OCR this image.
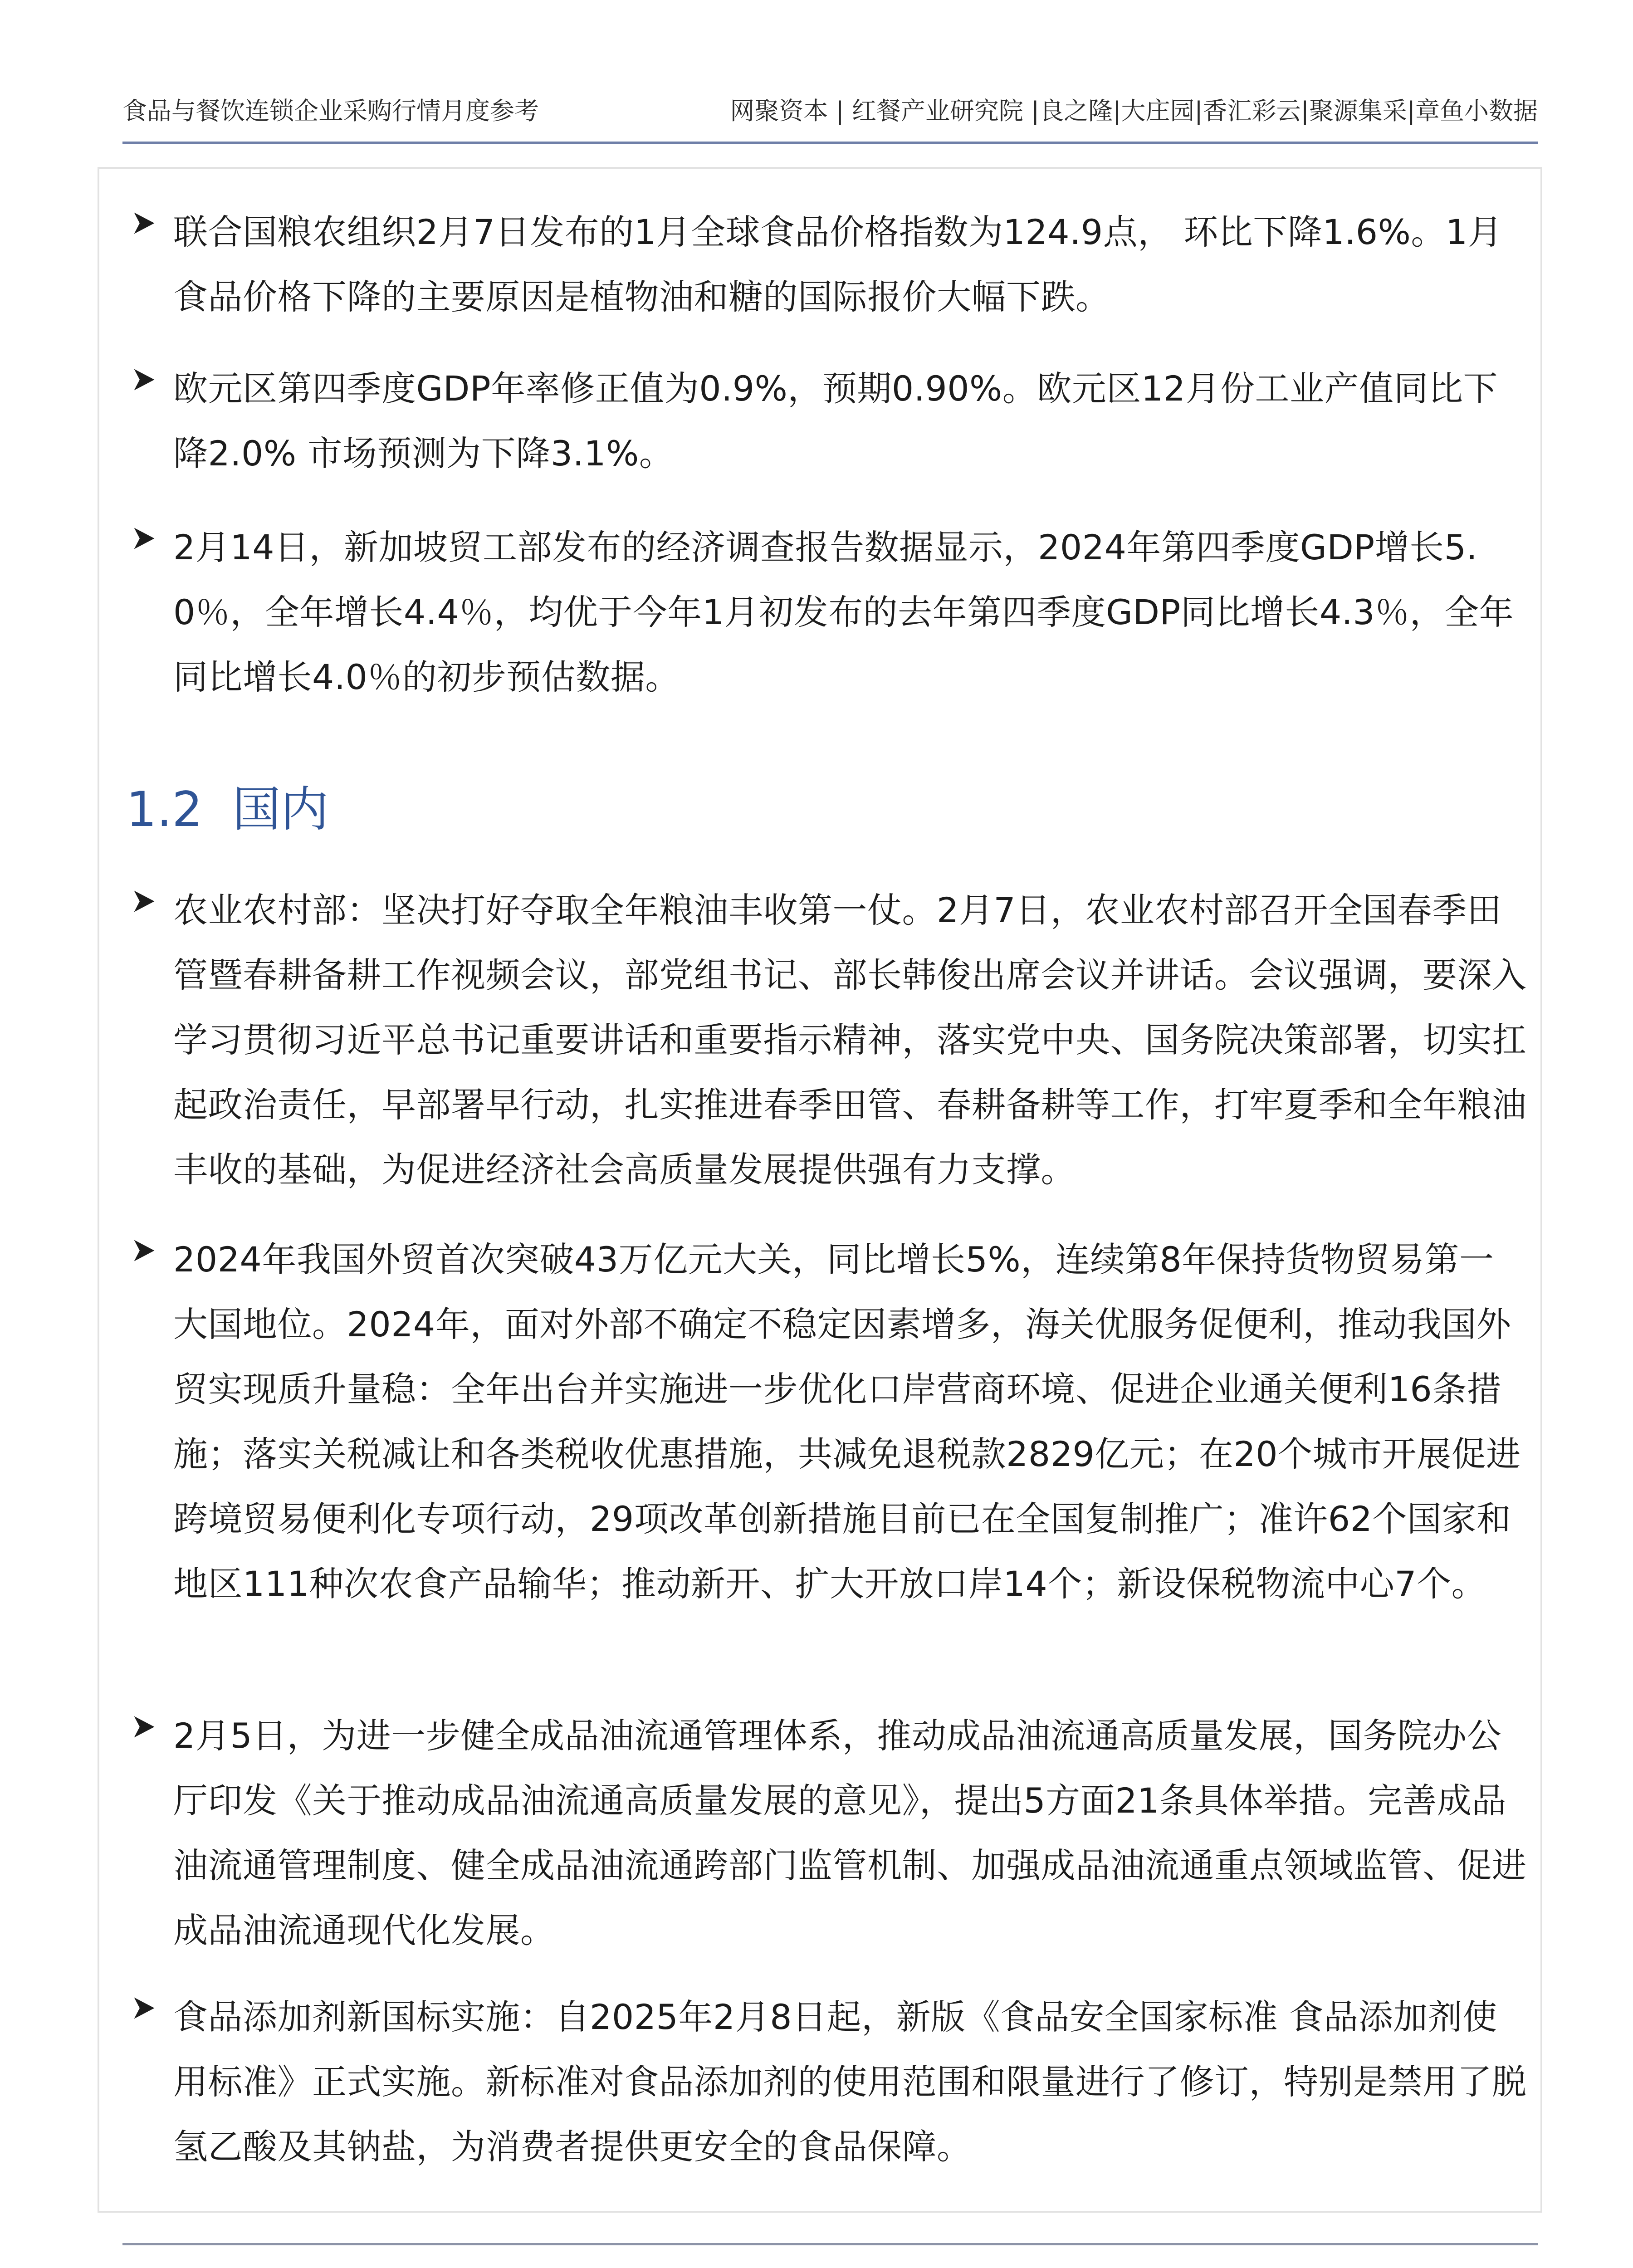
食品与餐饮连锁企业采购行情月度参考	网聚资本 | 红餐产业研究院 |良之隆|大庄园|香汇彩云|聚源集采|章鱼小数据
联合国粮农组织2月7日发布的1月全球食品价格指数为124.9点， 环比下降1.6%。1月食品价格下降的主要原因是植物油和糖的国际报价大幅下跌。
欧元区第四季度GDP年率修正值为0.9%，预期0.90%。欧元区12月份工业产值同比下降2.0% 市场预测为下降3.1%。
2月14日，新加坡贸工部发布的经济调查报告数据显示，2024年第四季度GDP增长5.0％，全年增长4.4％，均优于今年1月初发布的去年第四季度GDP同比增长4.3％，全年同比增长4.0％的初步预估数据。
1.2 国内
农业农村部：坚决打好夺取全年粮油丰收第一仗。2月7日，农业农村部召开全国春季田管暨春耕备耕工作视频会议，部党组书记、部长韩俊出席会议并讲话。会议强调，要深入学习贯彻习近平总书记重要讲话和重要指示精神，落实党中央、国务院决策部署，切实扛起政治责任，早部署早行动，扎实推进春季田管、春耕备耕等工作，打牢夏季和全年粮油丰收的基础，为促进经济社会高质量发展提供强有力支撑。
2024年我国外贸首次突破43万亿元大关，同比增长5%，连续第8年保持货物贸易第一大国地位。2024年，面对外部不确定不稳定因素增多，海关优服务促便利，推动我国外贸实现质升量稳：全年出台并实施进一步优化口岸营商环境、促进企业通关便利16条措施；落实关税减让和各类税收优惠措施，共减免退税款2829亿元；在20个城市开展促进跨境贸易便利化专项行动，29项改革创新措施目前已在全国复制推广；准许62个国家和地区111种次农食产品输华；推动新开、扩大开放口岸14个；新设保税物流中心7个。
2月5日，为进一步健全成品油流通管理体系，推动成品油流通高质量发展，国务院办公厅印发《关于推动成品油流通高质量发展的意见》，提出5方面21条具体举措。完善成品油流通管理制度、健全成品油流通跨部门监管机制、加强成品油流通重点领域监管、促进成品油流通现代化发展。
食品添加剂新国标实施：自2025年2月8日起，新版《食品安全国家标准 食品添加剂使用标准》正式实施。新标准对食品添加剂的使用范围和限量进行了修订，特别是禁用了脱氢乙酸及其钠盐，为消费者提供更安全的食品保障。
